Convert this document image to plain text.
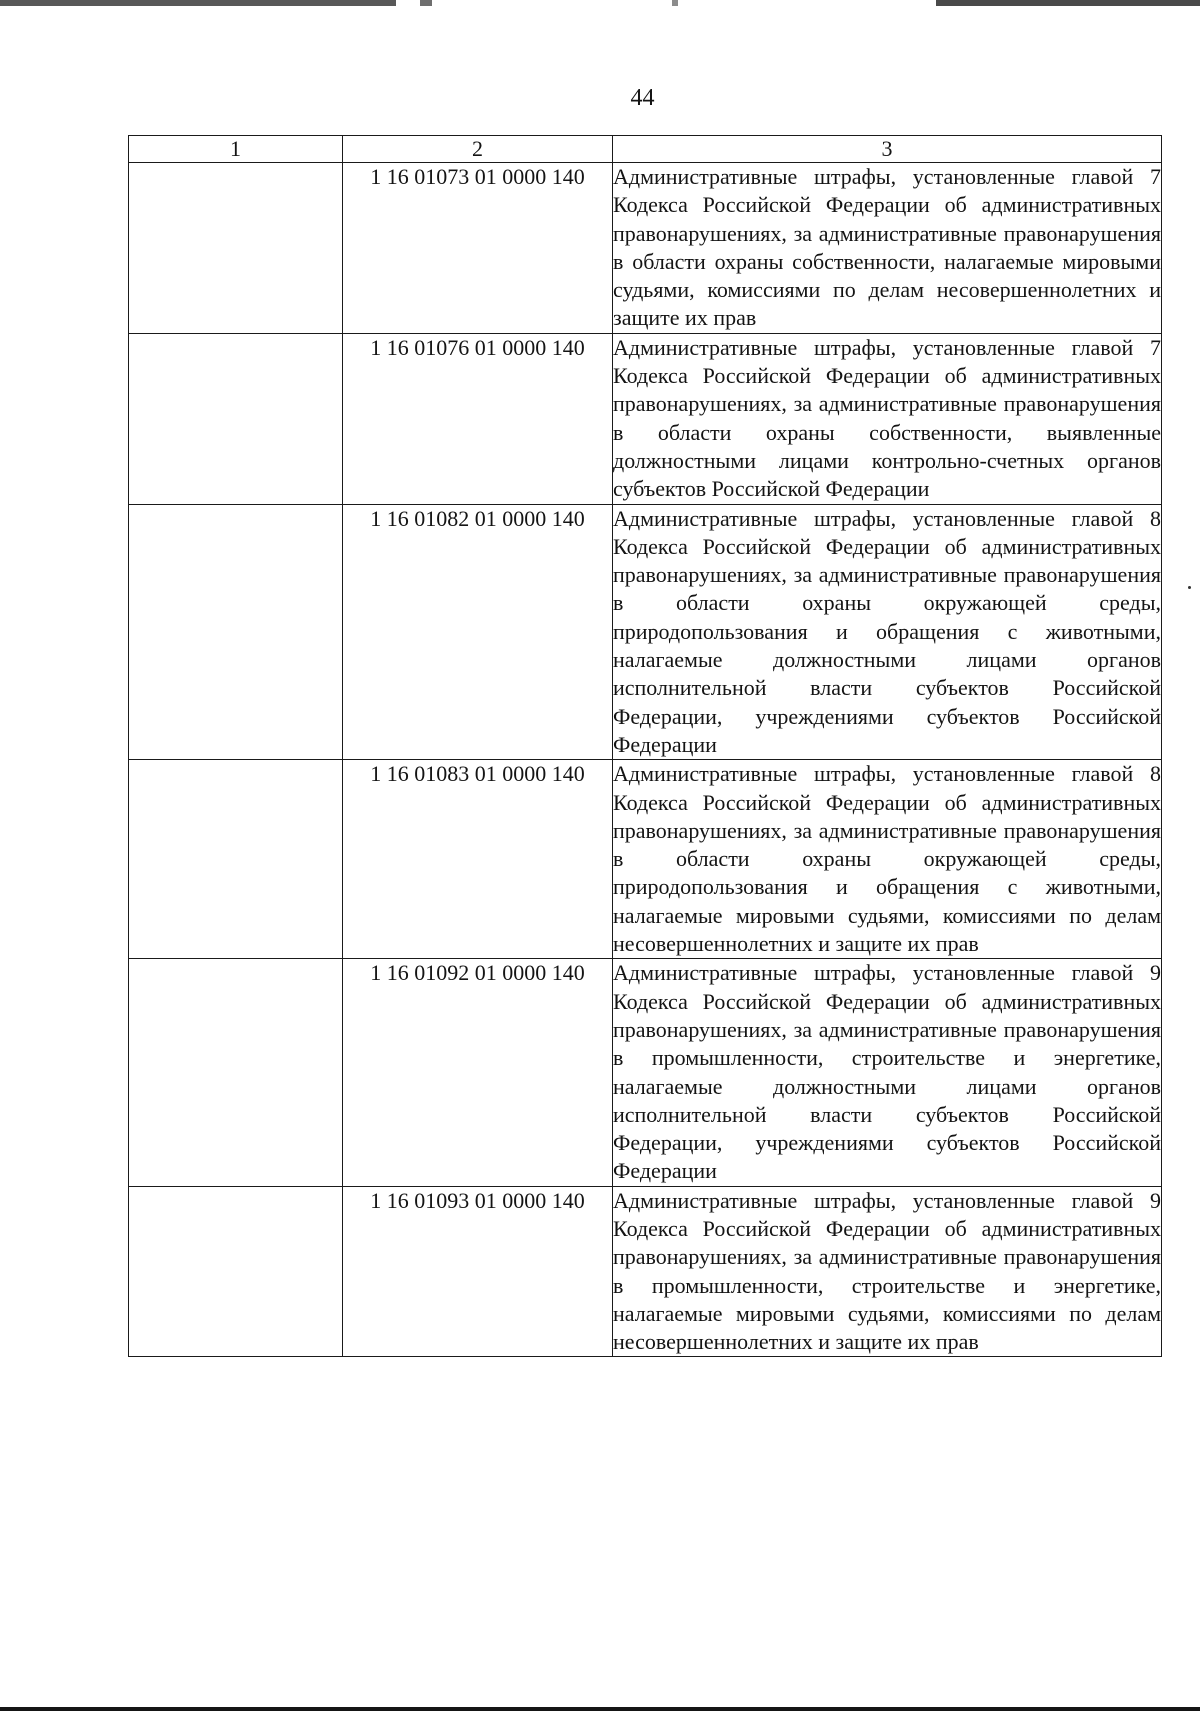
44
1	2	3
	1 16 01073 01 0000 140	Административные штрафы, установленные главой 7 Кодекса Российской Федерации об административных правонарушениях, за административные правонарушения в области охраны собственности, налагаемые мировыми судьями, комиссиями по делам несовершеннолетних и защите их прав
	1 16 01076 01 0000 140	Административные штрафы, установленные главой 7 Кодекса Российской Федерации об административных правонарушениях, за административные правонарушения в области охраны собственности, выявленные должностными лицами контрольно-счетных органов субъектов Российской Федерации
	1 16 01082 01 0000 140	Административные штрафы, установленные главой 8 Кодекса Российской Федерации об административных правонарушениях, за административные правонарушения в области охраны окружающей среды, природопользования и обращения с животными, налагаемые должностными лицами органов исполнительной власти субъектов Российской Федерации, учреждениями субъектов Российской Федерации
	1 16 01083 01 0000 140	Административные штрафы, установленные главой 8 Кодекса Российской Федерации об административных правонарушениях, за административные правонарушения в области охраны окружающей среды, природопользования и обращения с животными, налагаемые мировыми судьями, комиссиями по делам несовершеннолетних и защите их прав
	1 16 01092 01 0000 140	Административные штрафы, установленные главой 9 Кодекса Российской Федерации об административных правонарушениях, за административные правонарушения в промышленности, строительстве и энергетике, налагаемые должностными лицами органов исполнительной власти субъектов Российской Федерации, учреждениями субъектов Российской Федерации
	1 16 01093 01 0000 140	Административные штрафы, установленные главой 9 Кодекса Российской Федерации об административных правонарушениях, за административные правонарушения в промышленности, строительстве и энергетике, налагаемые мировыми судьями, комиссиями по делам несовершеннолетних и защите их прав
